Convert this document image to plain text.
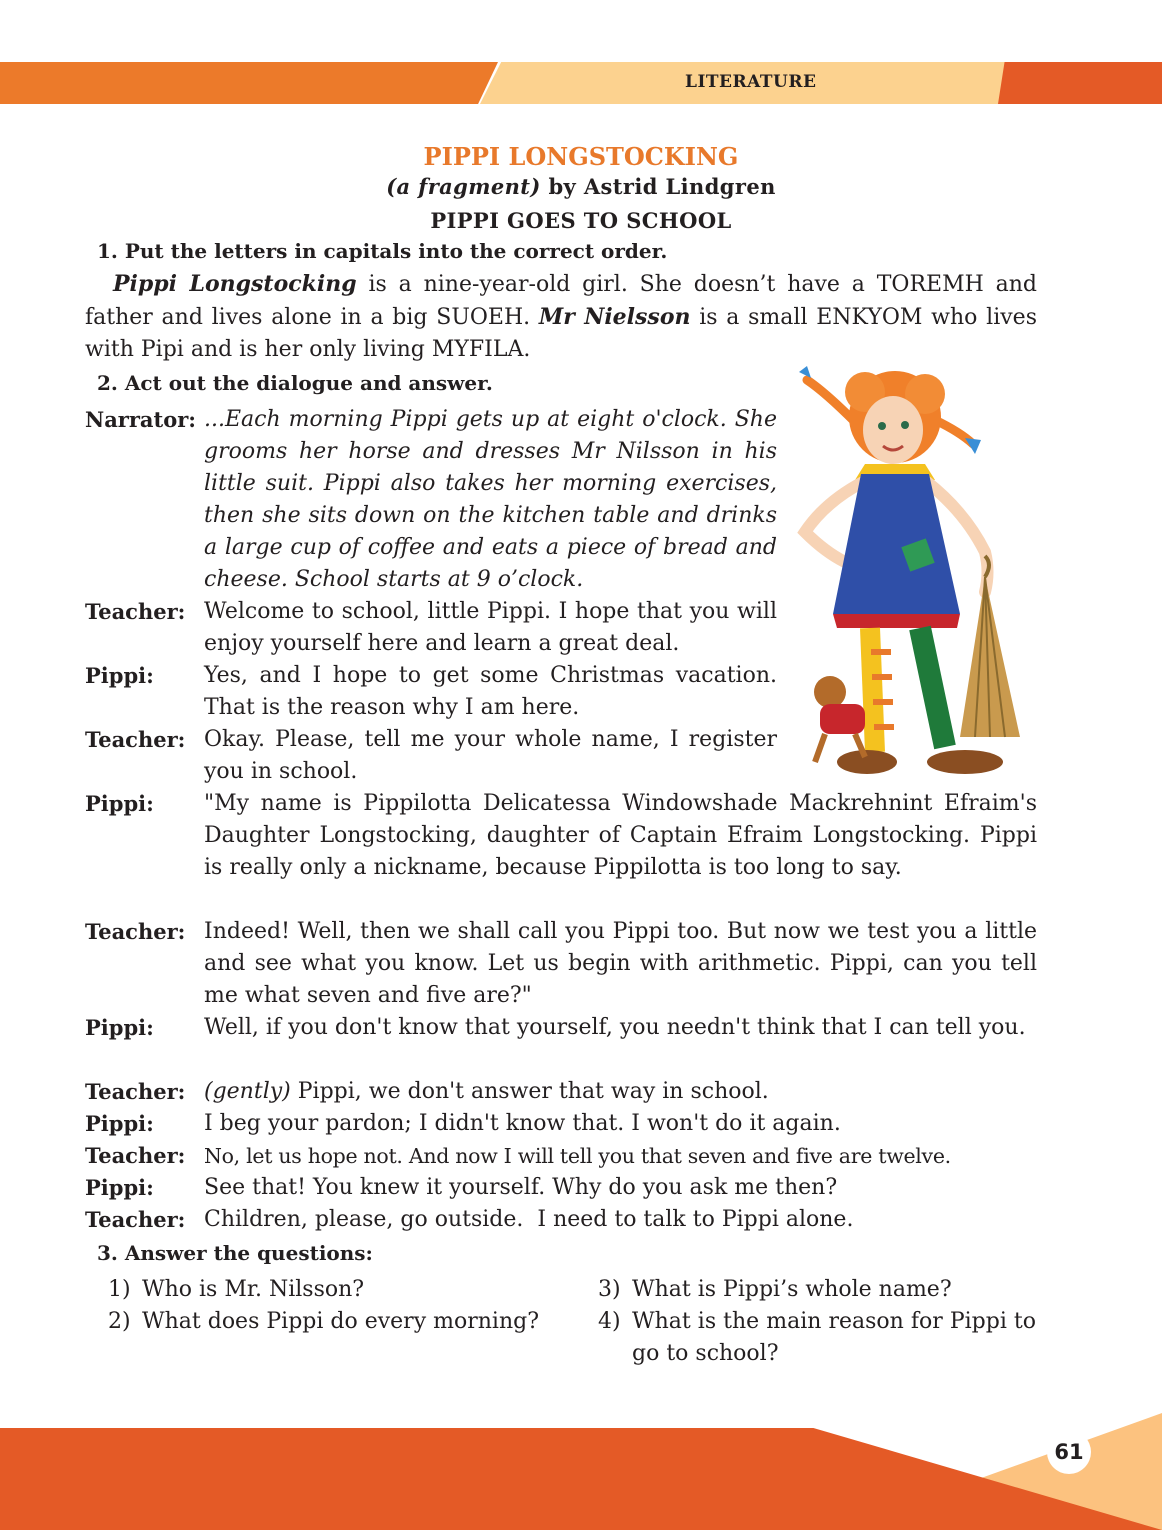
LITERATURE
PIPPI LONGSTOCKING
(a fragment) by Astrid Lindgren
PIPPI GOES TO SCHOOL
1. Put the letters in capitals into the correct order.
Pippi Longstocking is a nine-year-old girl. She doesn’t have a TOREMH and father and lives alone in a big SUOEH. Mr Nielsson is a small ENKYOM who lives with Pipi and is her only living MYFILA.
2. Act out the dialogue and answer.
Narrator: ...Each morning Pippi gets up at eight o'clock. She grooms her horse and dresses Mr Nilsson in his little suit. Pippi also takes her morning exercises, then she sits down on the kitchen table and drinks a large cup of coffee and eats a piece of bread and cheese. School starts at 9 o’clock.
Teacher: Welcome to school, little Pippi. I hope that you will enjoy yourself here and learn a great deal.
Pippi:	Yes, and I hope to get some Christmas vacation. That is the reason why I am here.
Teacher: Okay. Please, tell me your whole name, I register you in school.
Pippi:	"My name is Pippilotta Delicatessa Windowshade Mackrehnint Efraim's Daughter Longstocking, daughter of Captain Efraim Longstocking. Pippi is really only a nickname, because Pippilotta is too long to say.
Teacher: Indeed! Well, then we shall call you Pippi too. But now we test you a little and see what you know. Let us begin with arithmetic. Pippi, can you tell me what seven and five are?"
Pippi:	Well, if you don't know that yourself, you needn't think that I can tell you.
Teacher: (gently) Pippi, we don't answer that way in school.
Pippi:	I beg your pardon; I didn't know that. I won't do it again.
Teacher: No, let us hope not. And now I will tell you that seven and five are twelve.
Pippi:	See that! You knew it yourself. Why do you ask me then?
Teacher: Children, please, go outside.  I need to talk to Pippi alone.
3. Answer the questions:
1) Who is Mr. Nilsson?
2) What does Pippi do every morning?
3) What is Pippi’s whole name?
4) What is the main reason for Pippi to go to school?
61
